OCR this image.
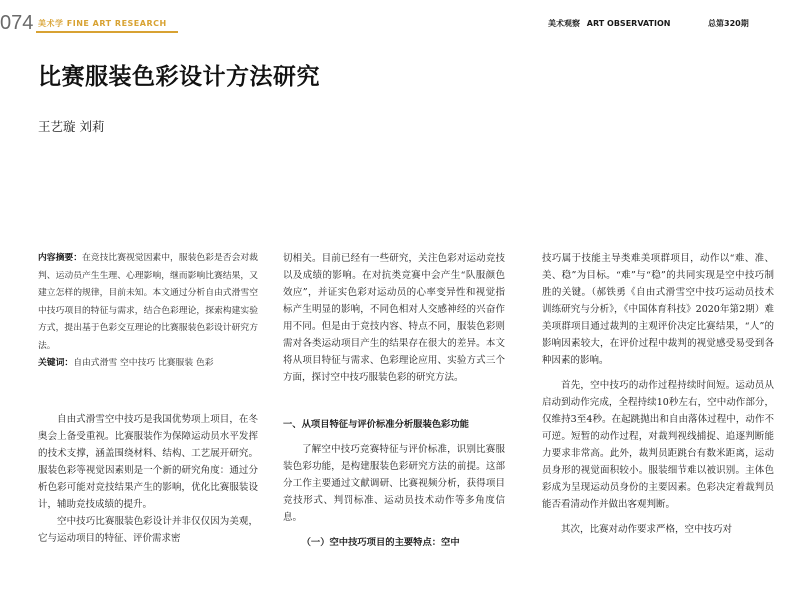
074 美术学 FINE ART RESEARCH	美术观察 ART OBSERVATION	总第320期
比赛服装色彩设计方法研究
王艺璇 刘莉

内容摘要：在竞技比赛视觉因素中，服装色彩是否会对裁判、运动员产生生理、心理影响，继而影响比赛结果，又建立怎样的规律，目前未知。本文通过分析自由式滑雪空中技巧项目的特征与需求，结合色彩理论，探索构建实验方式，提出基于色彩交互理论的比赛服装色彩设计研究方法。

关键词：自由式滑雪 空中技巧 比赛服装 色彩

自由式滑雪空中技巧是我国优势项上项目，在冬奥会上备受重视。比赛服装作为保障运动员水平发挥的技术支撑，涵盖围绕材料、结构、工艺展开研究。服装色彩等视觉因素则是一个新的研究角度：通过分析色彩可能对竞技结果产生的影响，优化比赛服装设计，辅助竞技成绩的提升。

空中技巧比赛服装色彩设计并非仅仅因为美观，它与运动项目的特征、评价需求密

切相关。目前已经有一些研究，关注色彩对运动竞技以及成绩的影响。在对抗类竞赛中会产生“队服颜色效应”，并证实色彩对运动员的心率变异性和视觉指标产生明显的影响，不同色相对人交感神经的兴奋作用不同。但是由于竞技内容、特点不同，服装色彩则需对各类运动项目产生的结果存在很大的差异。本文将从项目特征与需求、色彩理论应用、实验方式三个方面，探讨空中技巧服装色彩的研究方法。

一、从项目特征与评价标准分析服装色彩功能

了解空中技巧竞赛特征与评价标准，识别比赛服装色彩功能，是构建服装色彩研究方法的前提。这部分工作主要通过文献调研、比赛视频分析，获得项目竞技形式、判罚标准、运动员技术动作等多角度信息。

（一）空中技巧项目的主要特点：空中

技巧属于技能主导类难美项群项目，动作以“难、准、美、稳”为目标。“难”与“稳”的共同实现是空中技巧制胜的关键。（郝铁勇《自由式滑雪空中技巧运动员技术训练研究与分析》，《中国体育科技》2020年第2期）难美项群项目通过裁判的主观评价决定比赛结果，“人”的影响因素较大，在评价过程中裁判的视觉感受易受到各种因素的影响。

首先，空中技巧的动作过程持续时间短。运动员从启动到动作完成，全程持续10秒左右，空中动作部分，仅维持3至4秒。在起跳抛出和自由落体过程中，动作不可逆。短暂的动作过程，对裁判视线捕捉、追逐判断能力要求非常高。此外，裁判员距跳台有数米距离，运动员身形的视觉面积较小。服装细节难以被识别。主体色彩成为呈现运动员身份的主要因素。色彩决定着裁判员能否看清动作并做出客观判断。

其次，比赛对动作要求严格，空中技巧对
